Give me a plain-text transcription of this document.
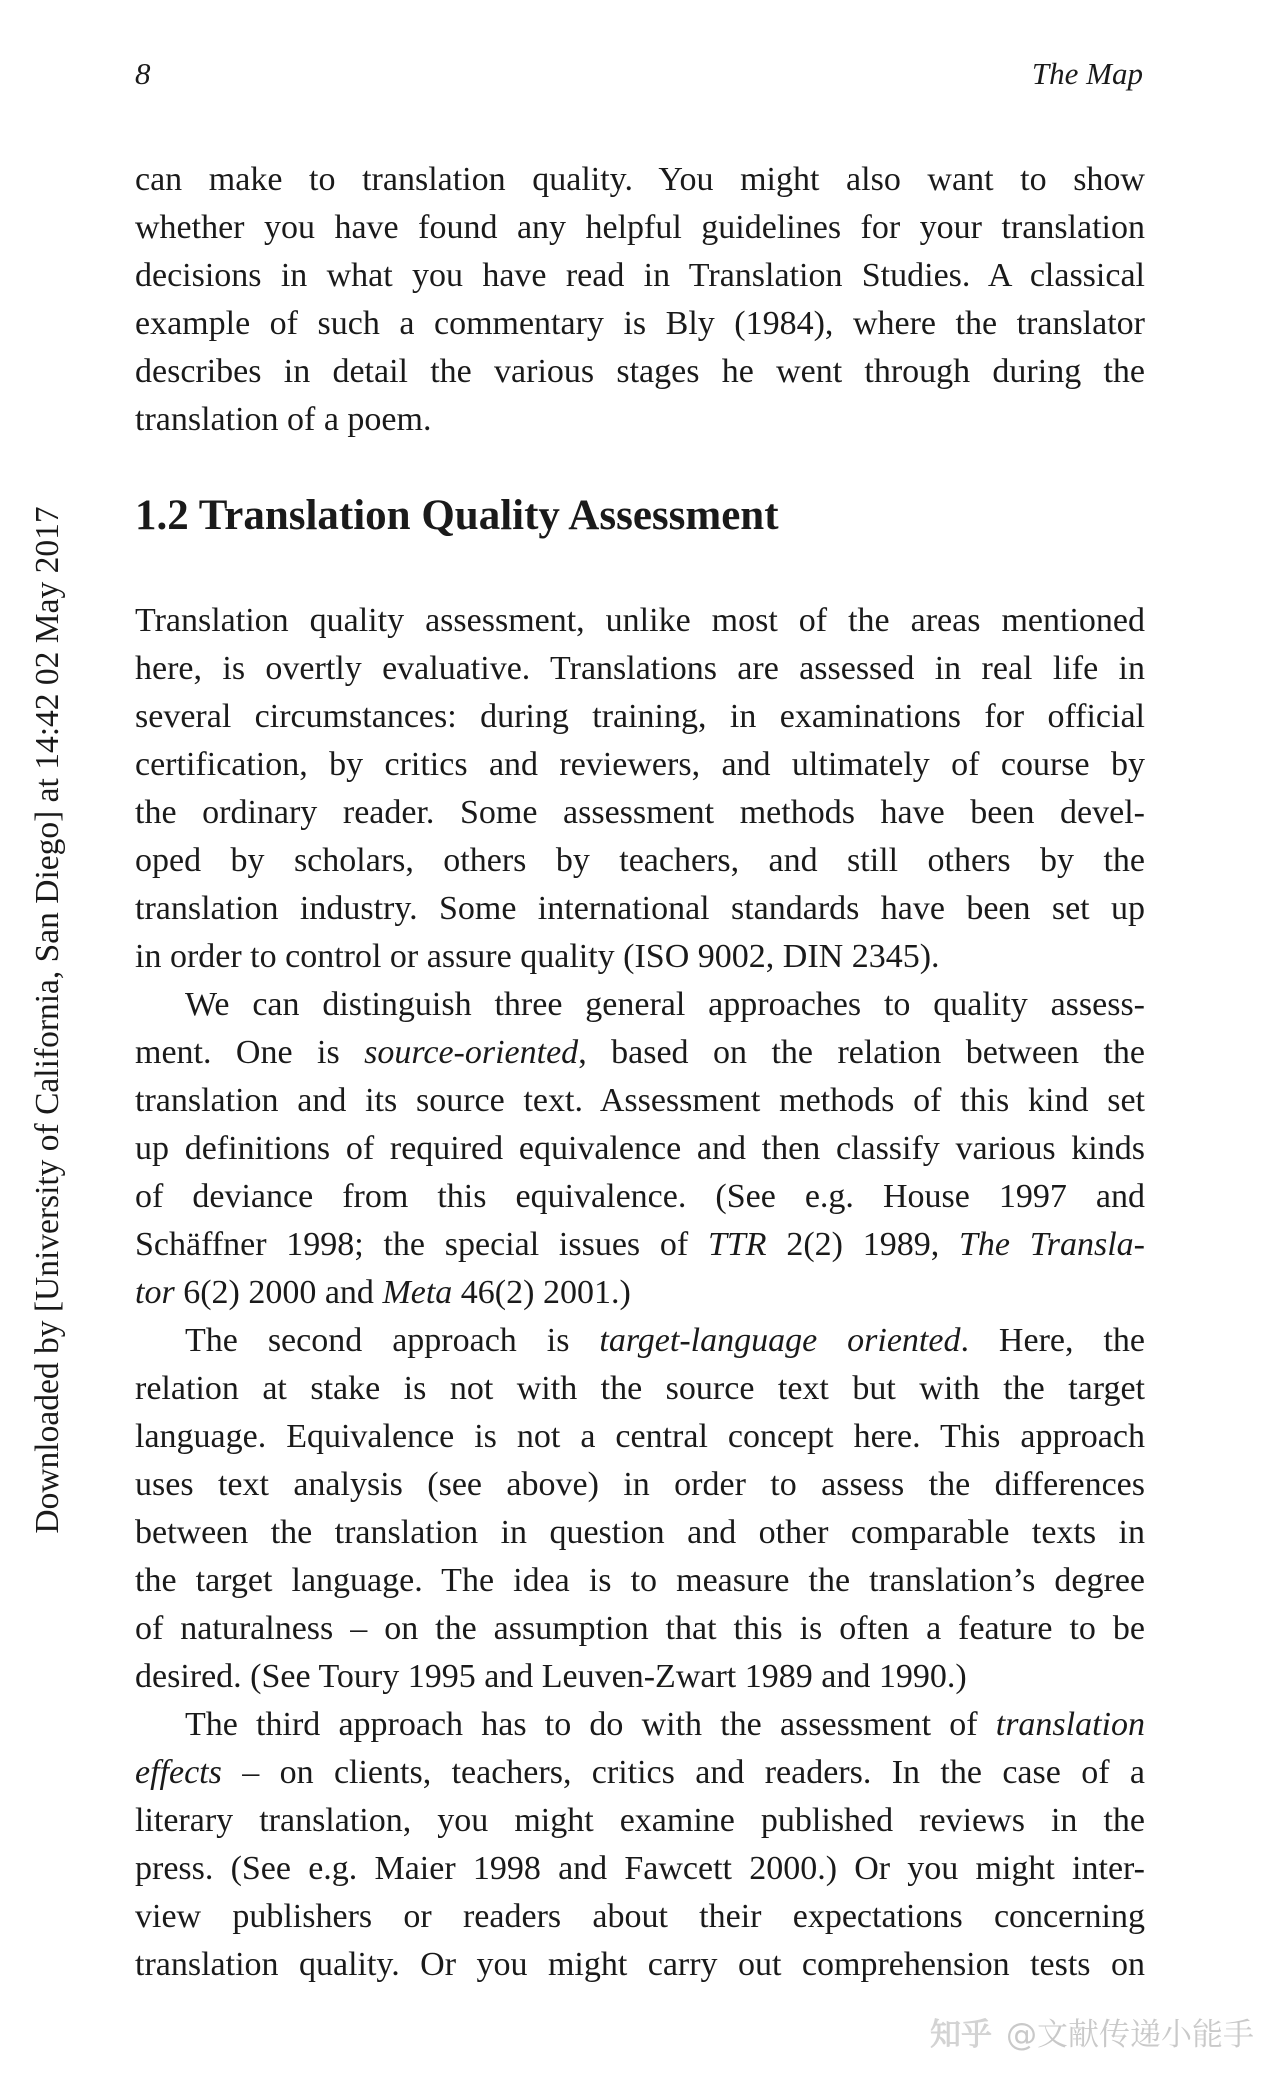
8	The Map
Downloaded by [University of California, San Diego] at 14:42 02 May 2017
can make to translation quality. You might also want to show
whether you have found any helpful guidelines for your translation
decisions in what you have read in Translation Studies. A classical
example of such a commentary is Bly (1984), where the translator
describes in detail the various stages he went through during the
translation of a poem.
1.2 Translation Quality Assessment
Translation quality assessment, unlike most of the areas mentioned
here, is overtly evaluative. Translations are assessed in real life in
several circumstances: during training, in examinations for official
certification, by critics and reviewers, and ultimately of course by
the ordinary reader. Some assessment methods have been devel-
oped by scholars, others by teachers, and still others by the
translation industry. Some international standards have been set up
in order to control or assure quality (ISO 9002, DIN 2345).
We can distinguish three general approaches to quality assess-
ment. One is source-oriented, based on the relation between the
translation and its source text. Assessment methods of this kind set
up definitions of required equivalence and then classify various kinds
of deviance from this equivalence. (See e.g. House 1997 and
Schäffner 1998; the special issues of TTR 2(2) 1989, The Transla-
tor 6(2) 2000 and Meta 46(2) 2001.)
The second approach is target-language oriented. Here, the
relation at stake is not with the source text but with the target
language. Equivalence is not a central concept here. This approach
uses text analysis (see above) in order to assess the differences
between the translation in question and other comparable texts in
the target language. The idea is to measure the translation’s degree
of naturalness – on the assumption that this is often a feature to be
desired. (See Toury 1995 and Leuven-Zwart 1989 and 1990.)
The third approach has to do with the assessment of translation
effects – on clients, teachers, critics and readers. In the case of a
literary translation, you might examine published reviews in the
press. (See e.g. Maier 1998 and Fawcett 2000.) Or you might inter-
view publishers or readers about their expectations concerning
translation quality. Or you might carry out comprehension tests on
知乎 @文献传递小能手
